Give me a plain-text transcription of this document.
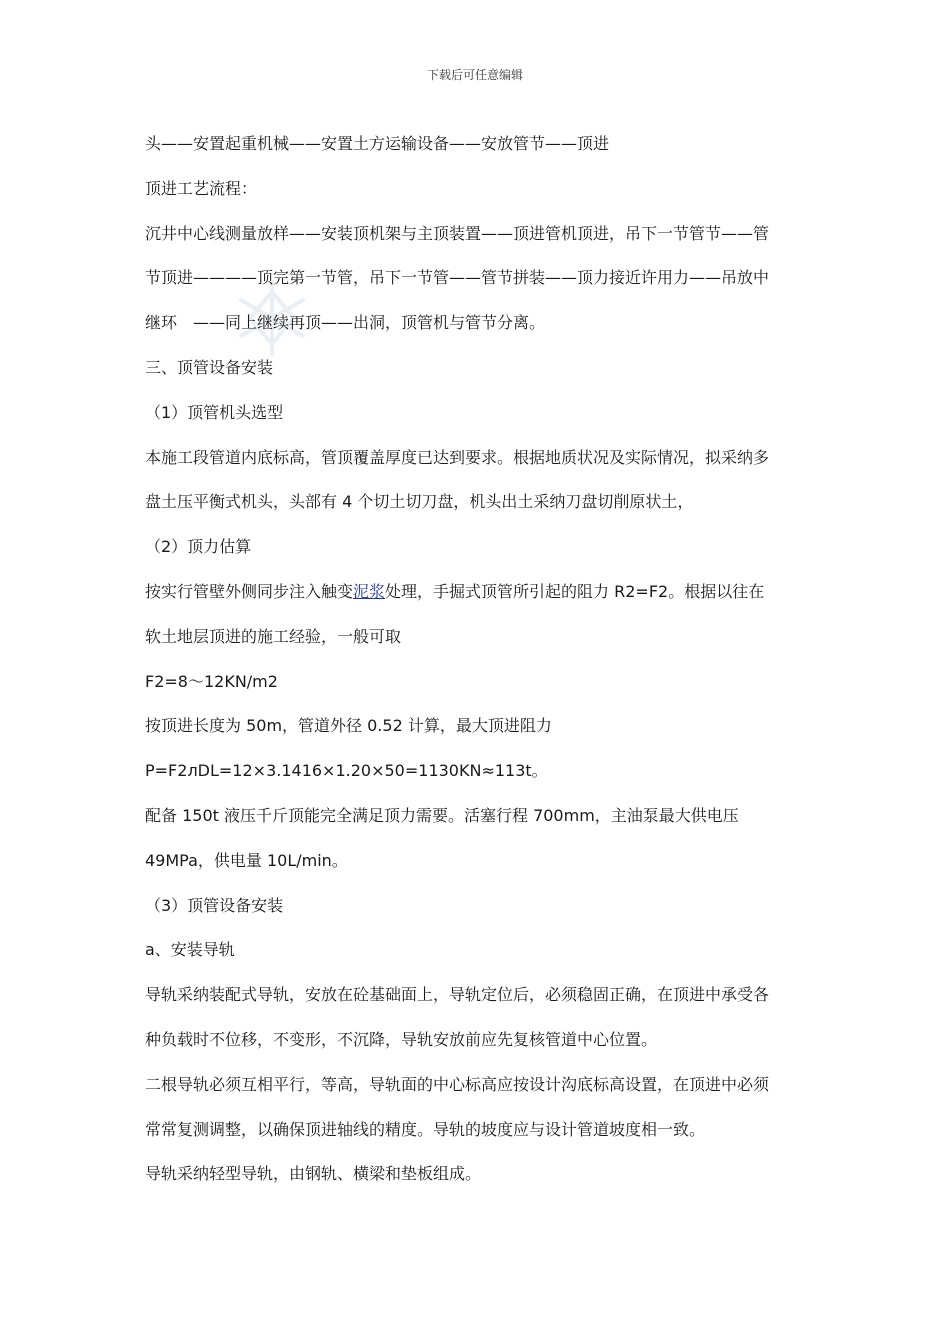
下载后可任意编辑
头——安置起重机械——安置土方运输设备——安放管节——顶进
顶进工艺流程：
沉井中心线测量放样——安装顶机架与主顶装置——顶进管机顶进，吊下一节管节——管
节顶进————顶完第一节管，吊下一节管——管节拼装——顶力接近许用力——吊放中
继环　——同上继续再顶——出洞，顶管机与管节分离。
三、顶管设备安装
（1）顶管机头选型
本施工段管道内底标高，管顶覆盖厚度已达到要求。根据地质状况及实际情况，拟采纳多
盘土压平衡式机头，头部有 4 个切土切刀盘，机头出土采纳刀盘切削原状土，
（2）顶力估算
按实行管壁外侧同步注入触变泥浆处理，手掘式顶管所引起的阻力 R2=F2。根据以往在
软土地层顶进的施工经验，一般可取
F2=8～12KN/m2
按顶进长度为 50m，管道外径 0.52 计算，最大顶进阻力
P=F2лDL=12×3.1416×1.20×50=1130KN≈113t。
配备 150t 液压千斤顶能完全满足顶力需要。活塞行程 700mm，主油泵最大供电压
49MPa，供电量 10L/min。
（3）顶管设备安装
a、安装导轨
导轨采纳装配式导轨，安放在砼基础面上，导轨定位后，必须稳固正确，在顶进中承受各
种负载时不位移，不变形，不沉降，导轨安放前应先复核管道中心位置。
二根导轨必须互相平行，等高，导轨面的中心标高应按设计沟底标高设置，在顶进中必须
常常复测调整，以确保顶进轴线的精度。导轨的坡度应与设计管道坡度相一致。
导轨采纳轻型导轨，由钢轨、横梁和垫板组成。
